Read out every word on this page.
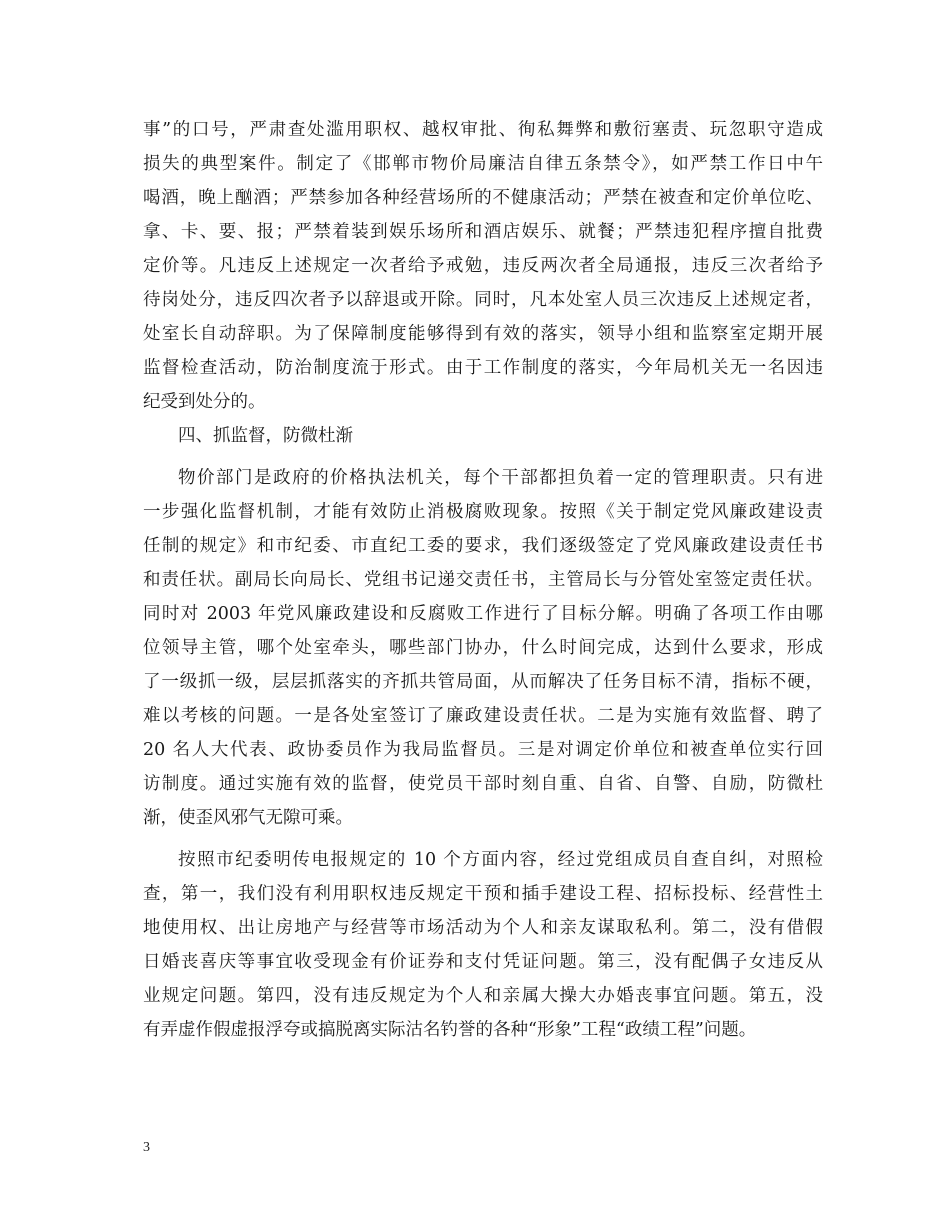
事”的口号，严肃查处滥用职权、越权审批、徇私舞弊和敷衍塞责、玩忽职守造成
损失的典型案件。制定了《邯郸市物价局廉洁自律五条禁令》，如严禁工作日中午
喝酒，晚上酗酒；严禁参加各种经营场所的不健康活动；严禁在被查和定价单位吃、
拿、卡、要、报；严禁着装到娱乐场所和酒店娱乐、就餐；严禁违犯程序擅自批费
定价等。凡违反上述规定一次者给予戒勉，违反两次者全局通报，违反三次者给予
待岗处分，违反四次者予以辞退或开除。同时，凡本处室人员三次违反上述规定者，
处室长自动辞职。为了保障制度能够得到有效的落实，领导小组和监察室定期开展
监督检查活动，防治制度流于形式。由于工作制度的落实，今年局机关无一名因违
纪受到处分的。
四、抓监督，防微杜渐
物价部门是政府的价格执法机关，每个干部都担负着一定的管理职责。只有进
一步强化监督机制，才能有效防止消极腐败现象。按照《关于制定党风廉政建设责
任制的规定》和市纪委、市直纪工委的要求，我们逐级签定了党风廉政建设责任书
和责任状。副局长向局长、党组书记递交责任书，主管局长与分管处室签定责任状。
同时对 2003 年党风廉政建设和反腐败工作进行了目标分解。明确了各项工作由哪
位领导主管，哪个处室牵头，哪些部门协办，什么时间完成，达到什么要求，形成
了一级抓一级，层层抓落实的齐抓共管局面，从而解决了任务目标不清，指标不硬，
难以考核的问题。一是各处室签订了廉政建设责任状。二是为实施有效监督、聘了
20 名人大代表、政协委员作为我局监督员。三是对调定价单位和被查单位实行回
访制度。通过实施有效的监督，使党员干部时刻自重、自省、自警、自励，防微杜
渐，使歪风邪气无隙可乘。
按照市纪委明传电报规定的 10 个方面内容，经过党组成员自查自纠，对照检
查，第一，我们没有利用职权违反规定干预和插手建设工程、招标投标、经营性土
地使用权、出让房地产与经营等市场活动为个人和亲友谋取私利。第二，没有借假
日婚丧喜庆等事宜收受现金有价证券和支付凭证问题。第三，没有配偶子女违反从
业规定问题。第四，没有违反规定为个人和亲属大操大办婚丧事宜问题。第五，没
有弄虚作假虚报浮夸或搞脱离实际沽名钓誉的各种“形象”工程“政绩工程”问题。
3
